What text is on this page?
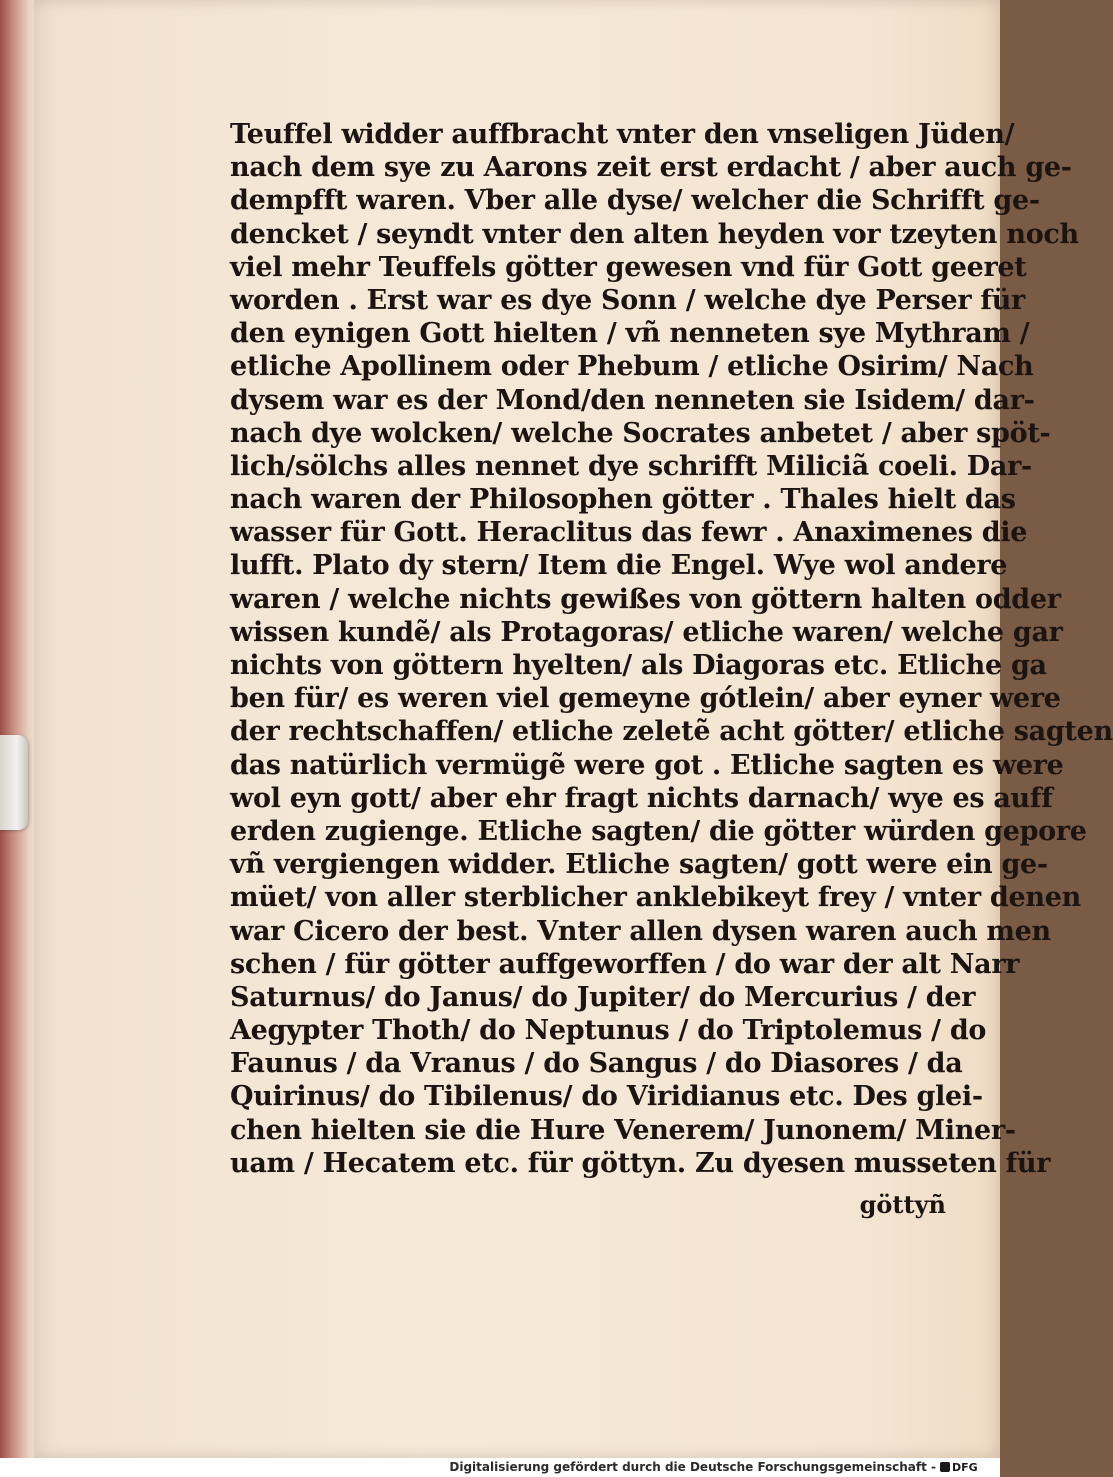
Teuffel widder auffbracht vnter den vnseligen Jüden/
nach dem sye zu Aarons zeit erst erdacht / aber auch ge-
dempfft waren. Vber alle dyse/ welcher die Schrifft ge-
dencket / seyndt vnter den alten heyden vor tzeyten noch
viel mehr Teuffels götter gewesen vnd für Gott geeret
worden . Erst war es dye Sonn / welche dye Perser für
den eynigen Gott hielten / vñ nenneten sye Mythram /
etliche Apollinem oder Phebum / etliche Osirim/ Nach
dysem war es der Mond/den nenneten sie Isidem/ dar-
nach dye wolcken/ welche Socrates anbetet / aber spöt-
lich/sölchs alles nennet dye schrifft Miliciã coeli. Dar-
nach waren der Philosophen götter . Thales hielt das
wasser für Gott. Heraclitus das fewr . Anaximenes die
lufft. Plato dy stern/ Item die Engel. Wye wol andere
waren / welche nichts gewißes von göttern halten odder
wissen kundẽ/ als Protagoras/ etliche waren/ welche gar
nichts von göttern hyelten/ als Diagoras etc. Etliche ga
ben für/ es weren viel gemeyne gótlein/ aber eyner were
der rechtschaffen/ etliche zeletẽ acht götter/ etliche sagten
das natürlich vermügẽ were got . Etliche sagten es were
wol eyn gott/ aber ehr fragt nichts darnach/ wye es auff
erden zugienge. Etliche sagten/ die götter würden gepore
vñ vergiengen widder. Etliche sagten/ gott were ein ge-
müet/ von aller sterblicher anklebikeyt frey / vnter denen
war Cicero der best. Vnter allen dysen waren auch men
schen / für götter auffgeworffen / do war der alt Narr
Saturnus/ do Janus/ do Jupiter/ do Mercurius / der
Aegypter Thoth/ do Neptunus / do Triptolemus / do
Faunus / da Vranus / do Sangus / do Diasores / da
Quirinus/ do Tibilenus/ do Viridianus etc. Des glei-
chen hielten sie die Hure Venerem/ Junonem/ Miner-
uam / Hecatem etc. für göttyn. Zu dyesen musseten für
göttyñ
Digitalisierung gefördert durch die Deutsche Forschungsgemeinschaft - DFG
